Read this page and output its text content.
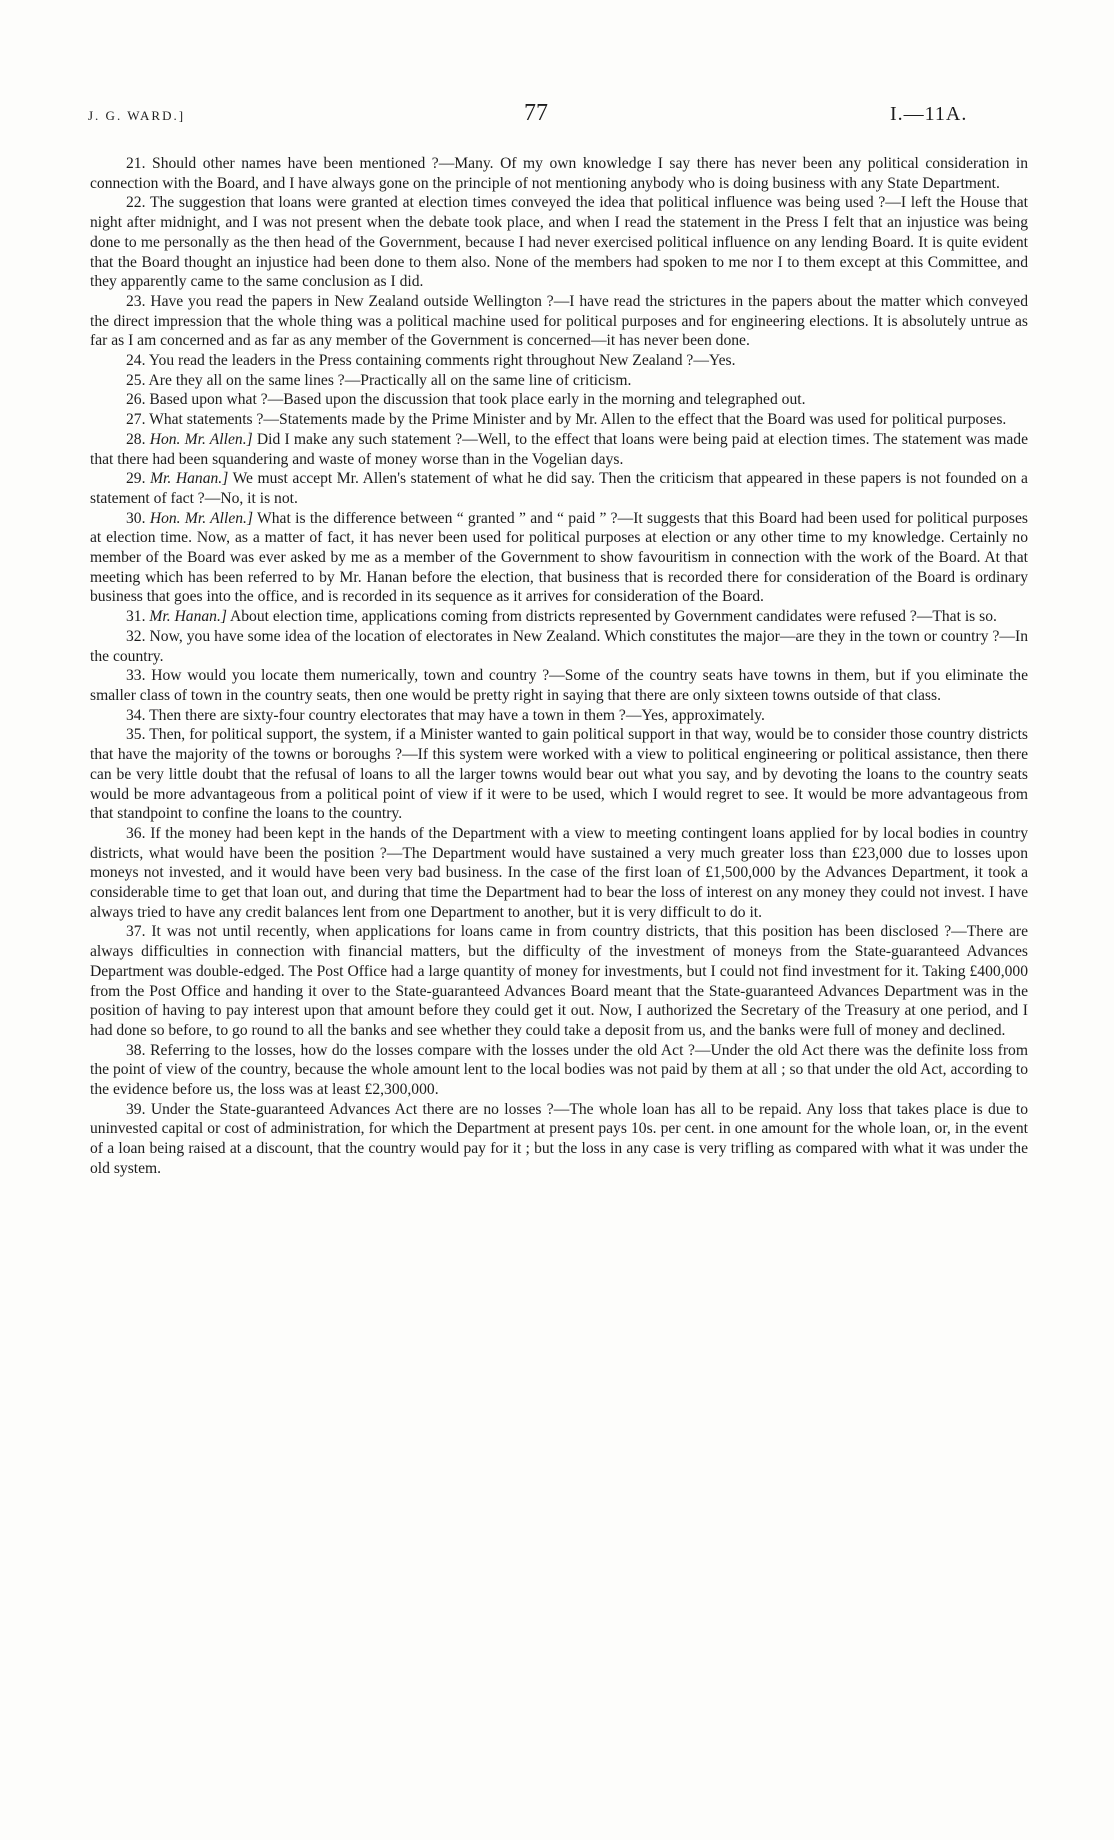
J. G. WARD.]	77	I.—11A.

21. Should other names have been mentioned ?—Many. Of my own knowledge I say there has never been any political consideration in connection with the Board, and I have always gone on the principle of not mentioning anybody who is doing business with any State Department.

22. The suggestion that loans were granted at election times conveyed the idea that political influence was being used ?—I left the House that night after midnight, and I was not present when the debate took place, and when I read the statement in the Press I felt that an injustice was being done to me personally as the then head of the Government, because I had never exercised political influence on any lending Board. It is quite evident that the Board thought an injustice had been done to them also. None of the members had spoken to me nor I to them except at this Committee, and they apparently came to the same conclusion as I did.

23. Have you read the papers in New Zealand outside Wellington ?—I have read the strictures in the papers about the matter which conveyed the direct impression that the whole thing was a political machine used for political purposes and for engineering elections. It is absolutely untrue as far as I am concerned and as far as any member of the Government is concerned—it has never been done.

24. You read the leaders in the Press containing comments right throughout New Zealand ?—Yes.

25. Are they all on the same lines ?—Practically all on the same line of criticism.

26. Based upon what ?—Based upon the discussion that took place early in the morning and telegraphed out.

27. What statements ?—Statements made by the Prime Minister and by Mr. Allen to the effect that the Board was used for political purposes.

28. Hon. Mr. Allen.] Did I make any such statement ?—Well, to the effect that loans were being paid at election times. The statement was made that there had been squandering and waste of money worse than in the Vogelian days.

29. Mr. Hanan.] We must accept Mr. Allen's statement of what he did say. Then the criticism that appeared in these papers is not founded on a statement of fact ?—No, it is not.

30. Hon. Mr. Allen.] What is the difference between “ granted ” and “ paid ” ?—It suggests that this Board had been used for political purposes at election time. Now, as a matter of fact, it has never been used for political purposes at election or any other time to my knowledge. Certainly no member of the Board was ever asked by me as a member of the Government to show favouritism in connection with the work of the Board. At that meeting which has been referred to by Mr. Hanan before the election, that business that is recorded there for consideration of the Board is ordinary business that goes into the office, and is recorded in its sequence as it arrives for consideration of the Board.

31. Mr. Hanan.] About election time, applications coming from districts represented by Government candidates were refused ?—That is so.

32. Now, you have some idea of the location of electorates in New Zealand. Which constitutes the major—are they in the town or country ?—In the country.

33. How would you locate them numerically, town and country ?—Some of the country seats have towns in them, but if you eliminate the smaller class of town in the country seats, then one would be pretty right in saying that there are only sixteen towns outside of that class.

34. Then there are sixty-four country electorates that may have a town in them ?—Yes, approximately.

35. Then, for political support, the system, if a Minister wanted to gain political support in that way, would be to consider those country districts that have the majority of the towns or boroughs ?—If this system were worked with a view to political engineering or political assistance, then there can be very little doubt that the refusal of loans to all the larger towns would bear out what you say, and by devoting the loans to the country seats would be more advantageous from a political point of view if it were to be used, which I would regret to see. It would be more advantageous from that standpoint to confine the loans to the country.

36. If the money had been kept in the hands of the Department with a view to meeting contingent loans applied for by local bodies in country districts, what would have been the position ?—The Department would have sustained a very much greater loss than £23,000 due to losses upon moneys not invested, and it would have been very bad business. In the case of the first loan of £1,500,000 by the Advances Department, it took a considerable time to get that loan out, and during that time the Department had to bear the loss of interest on any money they could not invest. I have always tried to have any credit balances lent from one Department to another, but it is very difficult to do it.

37. It was not until recently, when applications for loans came in from country districts, that this position has been disclosed ?—There are always difficulties in connection with financial matters, but the difficulty of the investment of moneys from the State-guaranteed Advances Department was double-edged. The Post Office had a large quantity of money for investments, but I could not find investment for it. Taking £400,000 from the Post Office and handing it over to the State-guaranteed Advances Board meant that the State-guaranteed Advances Department was in the position of having to pay interest upon that amount before they could get it out. Now, I authorized the Secretary of the Treasury at one period, and I had done so before, to go round to all the banks and see whether they could take a deposit from us, and the banks were full of money and declined.

38. Referring to the losses, how do the losses compare with the losses under the old Act ?—Under the old Act there was the definite loss from the point of view of the country, because the whole amount lent to the local bodies was not paid by them at all ; so that under the old Act, according to the evidence before us, the loss was at least £2,300,000.

39. Under the State-guaranteed Advances Act there are no losses ?—The whole loan has all to be repaid. Any loss that takes place is due to uninvested capital or cost of administration, for which the Department at present pays 10s. per cent. in one amount for the whole loan, or, in the event of a loan being raised at a discount, that the country would pay for it ; but the loss in any case is very trifling as compared with what it was under the old system.
